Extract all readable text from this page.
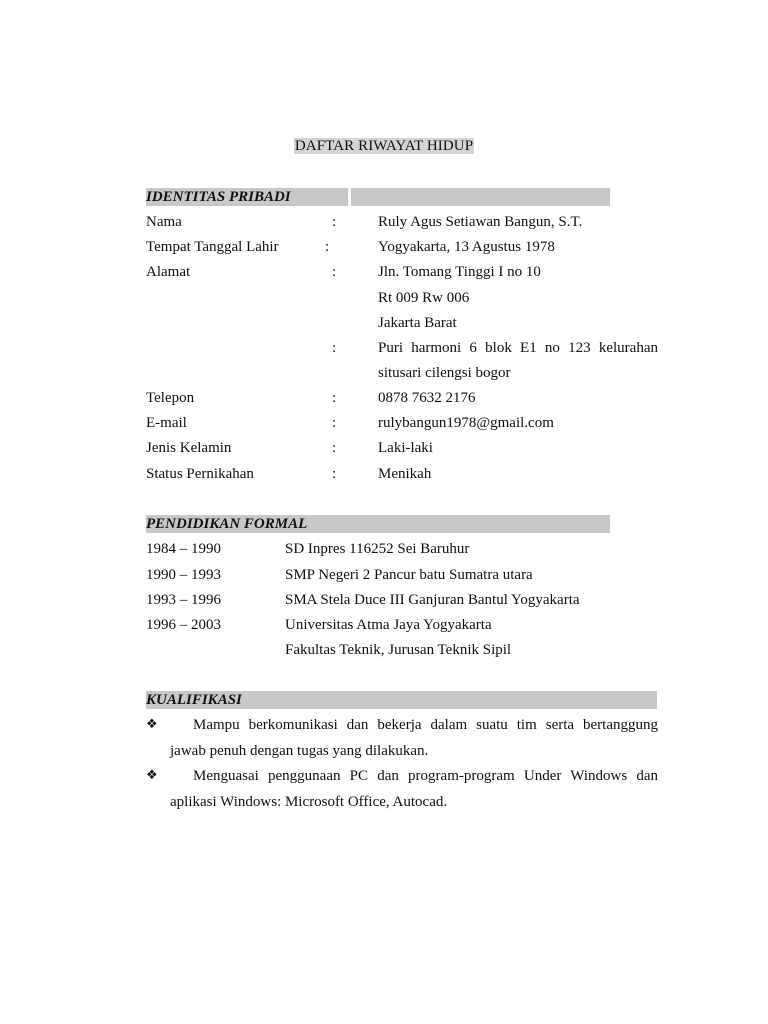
DAFTAR RIWAYAT HIDUP
IDENTITAS PRIBADI
Nama	:	Ruly Agus Setiawan Bangun, S.T.
Tempat Tanggal Lahir	:	Yogyakarta, 13 Agustus 1978
Alamat	:	Jln. Tomang Tinggi I no 10
Rt 009 Rw 006
Jakarta Barat
:	Puri harmoni 6 blok E1 no 123 kelurahan
situsari cilengsi bogor
Telepon	:	0878 7632 2176
E-mail	:	rulybangun1978@gmail.com
Jenis Kelamin	:	Laki-laki
Status Pernikahan	:	Menikah
PENDIDIKAN FORMAL
1984 – 1990	SD Inpres 116252 Sei Baruhur
1990 – 1993	SMP Negeri 2 Pancur batu Sumatra utara
1993 – 1996	SMA Stela Duce III Ganjuran Bantul Yogyakarta
1996 – 2003	Universitas Atma Jaya Yogyakarta
Fakultas Teknik, Jurusan Teknik Sipil
KUALIFIKASI
❖ Mampu berkomunikasi dan bekerja dalam suatu tim serta bertanggung
jawab penuh dengan tugas yang dilakukan.
❖ Menguasai penggunaan PC dan program-program Under Windows dan
aplikasi Windows: Microsoft Office, Autocad.
